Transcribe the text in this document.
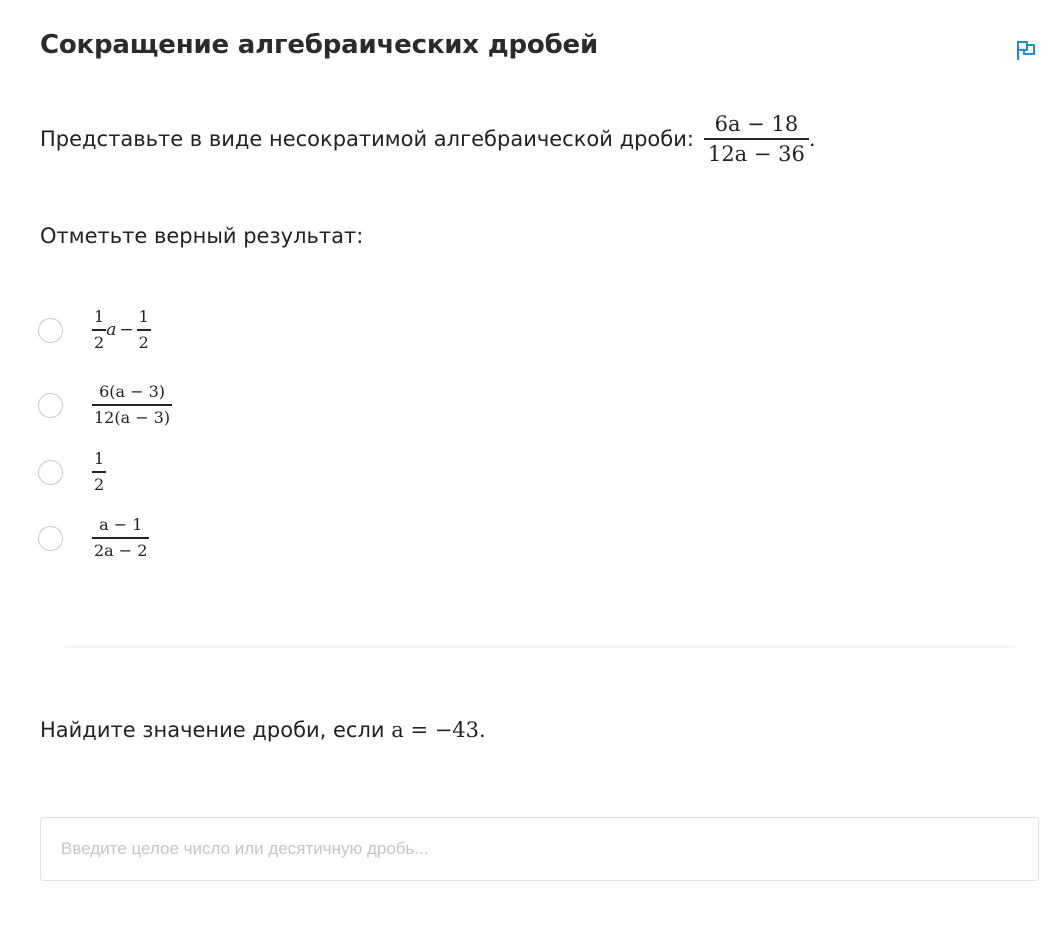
Сокращение алгебраических дробей
Представьте в виде несократимой алгебраической дроби: $\frac{6a - 18}{12a - 36}$ .
Отметьте верный результат:
$\frac{1}{2}$ $a - \frac{1}{2}$
$\frac{6(a - 3)}{12(a - 3)}$
$\frac{1}{2}$
$\frac{a - 1}{2a - 2}$
Найдите значение дроби, если a = −43.
Введите целое число или десятичную дробь...
